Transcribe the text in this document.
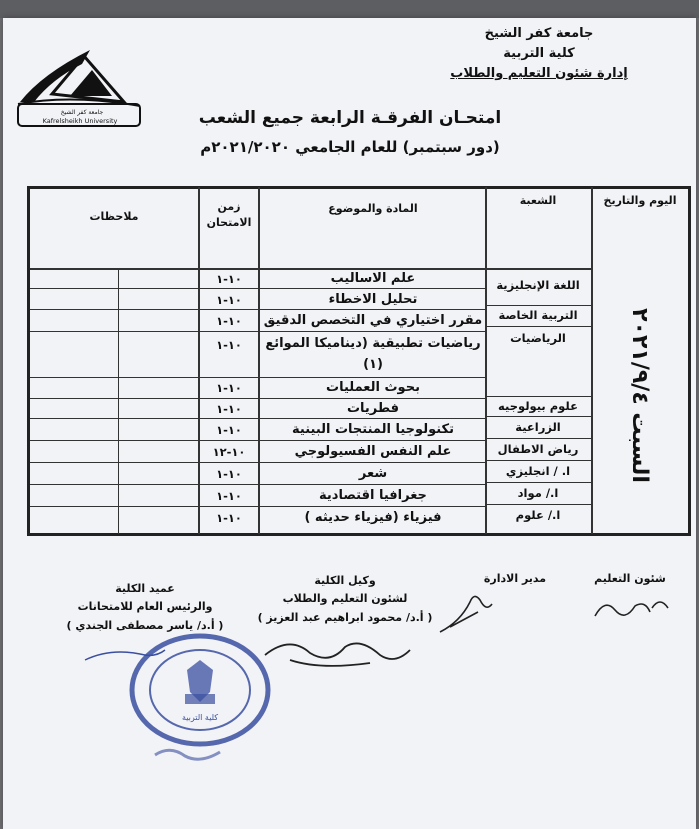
جامعة كفر الشيخ
كلية التربية
إدارة شئون التعليم والطلاب
جامعة كفر الشيخ
Kafrelsheikh University	امتحـان الفرقـة الرابعة جميع الشعب
(دور سبتمبر) للعام الجامعي ٢٠٢١/٢٠٢٠م
اليوم والتاريخ
الشعبة
المادة والموضوع
زمن
الامتحان
ملاحظات
السبت ٢٠٢١/٩/٤
اللغة الإنجليزية
التربية الخاصة
الرياضيات
علوم بيولوجيه
الزراعية
رياض الاطفال
ا. / انجليزي
ا./ مواد
ا./ علوم
علم الاساليب
تحليل الاخطاء
مقرر اختياري في التخصص الدقيق
رياضيات تطبيقية (ديناميكا الموائع
(١)
بحوث العمليات
فطريات
تكنولوجيا المنتجات البينية
علم النفس الفسيولوجي
شعر
جغرافيا اقتصادية
فيزياء (فيزياء حديثه )
١٠-١
١٠-١
١٠-١
١٠-١
١٠-١
١٠-١
١٠-١
١٠-١٢
١٠-١
١٠-١
١٠-١
شئون التعليم
مدير الادارة
وكيل الكلية
لشئون التعليم والطلاب
( أ.د/ محمود ابراهيم عبد العزيز )
عميد الكلية
والرئيس العام للامتحانات
( أ.د/ ياسر مصطفى الجندي )
كلية التربية
